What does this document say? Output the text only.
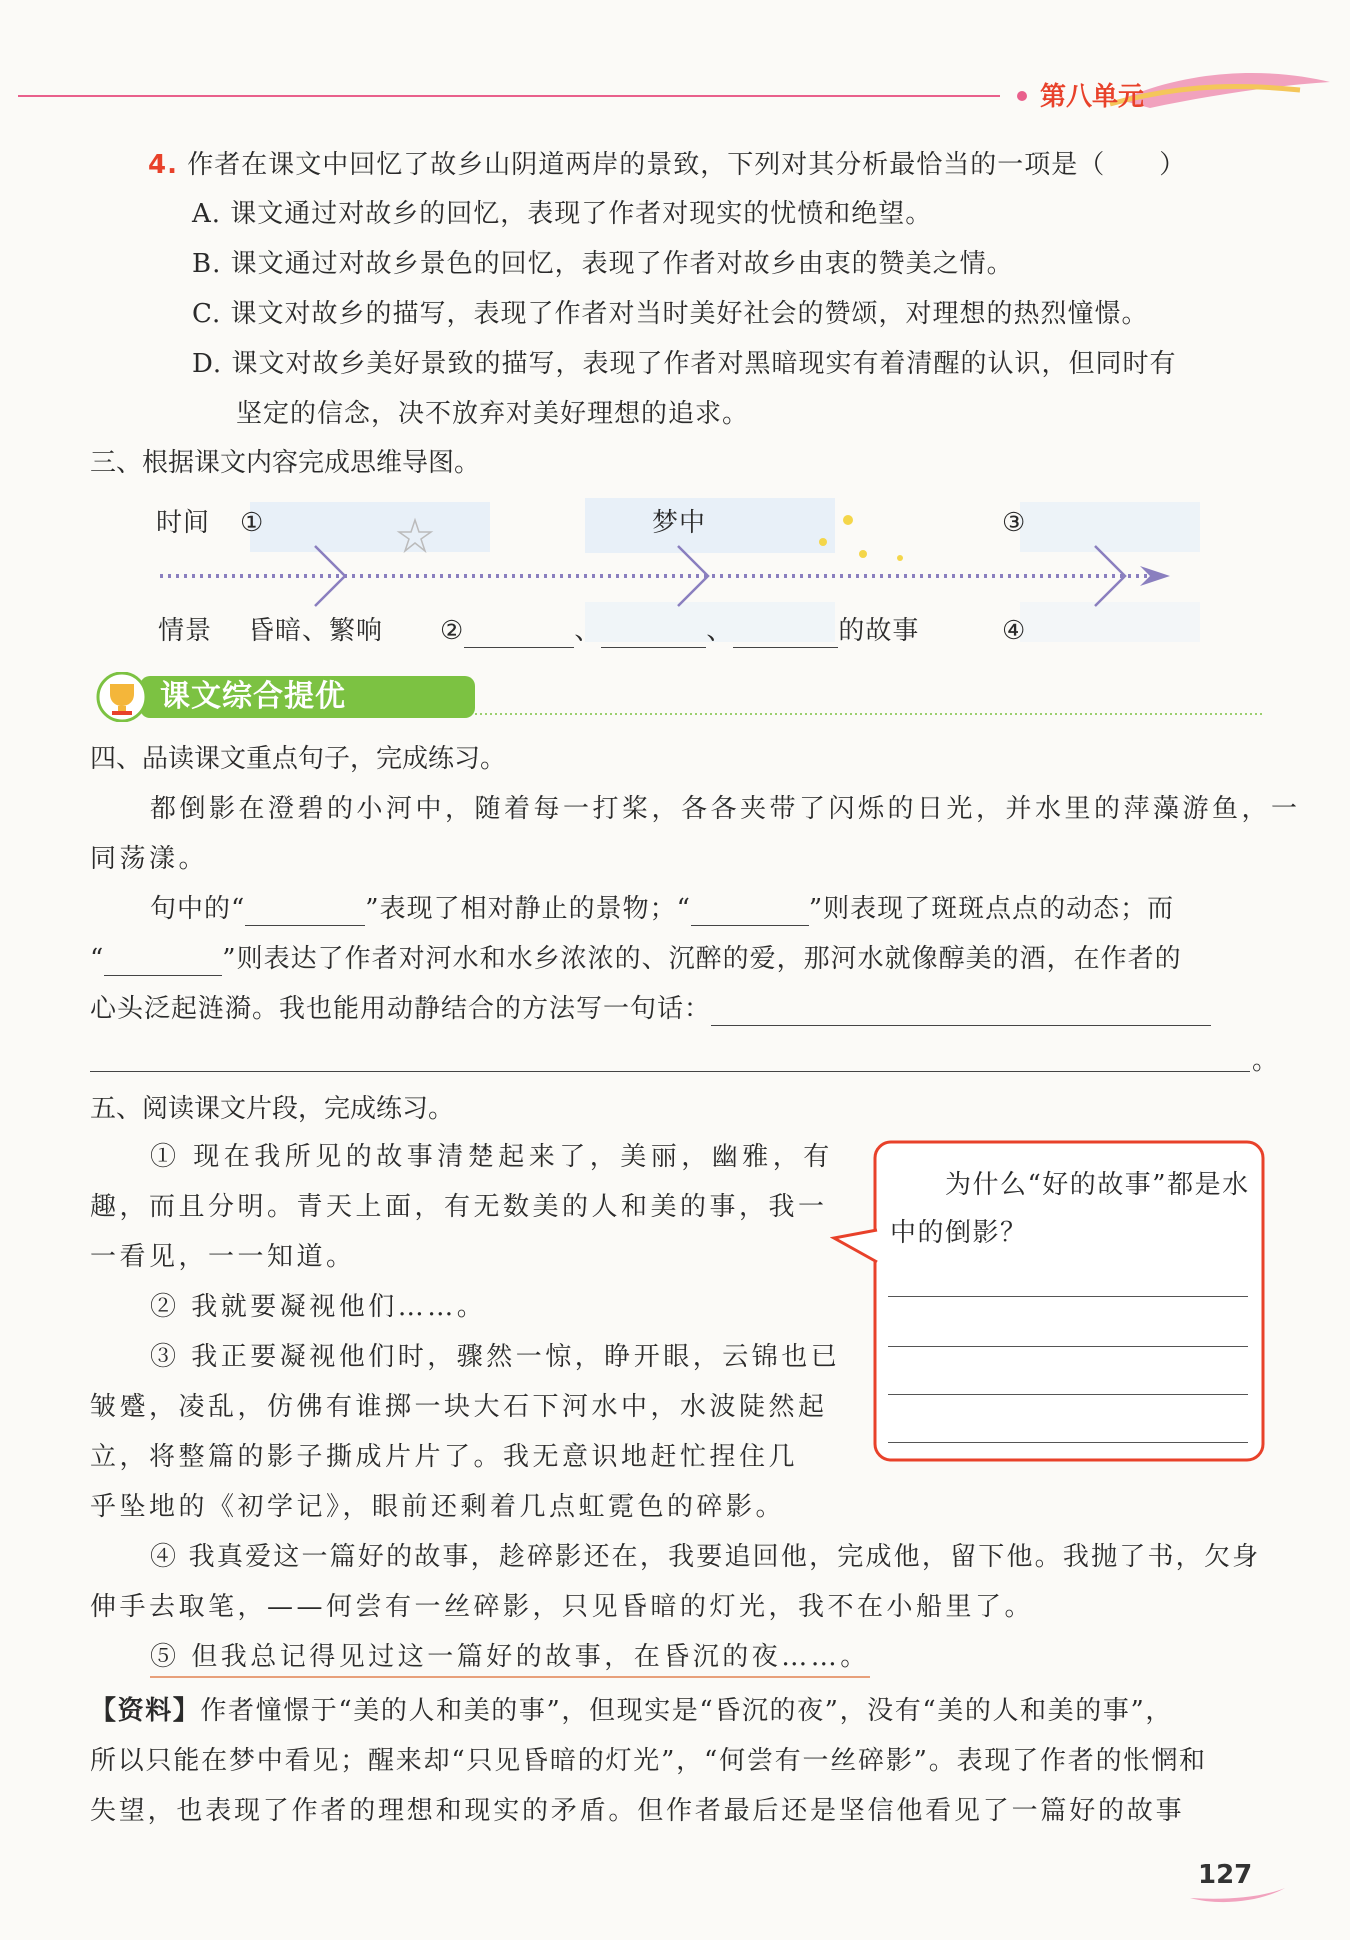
第八单元
4. 作者在课文中回忆了故乡山阴道两岸的景致，下列对其分析最恰当的一项是（　　）
A. 课文通过对故乡的回忆，表现了作者对现实的忧愤和绝望。
B. 课文通过对故乡景色的回忆，表现了作者对故乡由衷的赞美之情。
C. 课文对故乡的描写，表现了作者对当时美好社会的赞颂，对理想的热烈憧憬。
D. 课文对故乡美好景致的描写，表现了作者对黑暗现实有着清醒的认识，但同时有
坚定的信念，决不放弃对美好理想的追求。
三、根据课文内容完成思维导图。
时间 ①	梦中	③
情景 昏暗、繁响 ②	、	、	的故事	④
课文综合提优
四、品读课文重点句子，完成练习。
都倒影在澄碧的小河中，随着每一打桨，各各夹带了闪烁的日光，并水里的萍藻游鱼，一
同荡漾。
句中的“	”表现了相对静止的景物；“	”则表现了斑斑点点的动态；而
“	”则表达了作者对河水和水乡浓浓的、沉醉的爱，那河水就像醇美的酒，在作者的
心头泛起涟漪。我也能用动静结合的方法写一句话：
。
五、阅读课文片段，完成练习。
① 现在我所见的故事清楚起来了，美丽，幽雅，有
趣，而且分明。青天上面，有无数美的人和美的事，我一
一看见，一一知道。
② 我就要凝视他们……。
③ 我正要凝视他们时，骤然一惊，睁开眼，云锦也已
皱蹙，凌乱，仿佛有谁掷一块大石下河水中，水波陡然起
立，将整篇的影子撕成片片了。我无意识地赶忙捏住几
乎坠地的《初学记》，眼前还剩着几点虹霓色的碎影。
④ 我真爱这一篇好的故事，趁碎影还在，我要追回他，完成他，留下他。我抛了书，欠身
伸手去取笔，——何尝有一丝碎影，只见昏暗的灯光，我不在小船里了。
⑤ 但我总记得见过这一篇好的故事，在昏沉的夜……。
为什么“好的故事”都是水
中的倒影？
【资料】作者憧憬于“美的人和美的事”，但现实是“昏沉的夜”，没有“美的人和美的事”，
所以只能在梦中看见；醒来却“只见昏暗的灯光”，“何尝有一丝碎影”。表现了作者的怅惘和
失望，也表现了作者的理想和现实的矛盾。但作者最后还是坚信他看见了一篇好的故事
127
